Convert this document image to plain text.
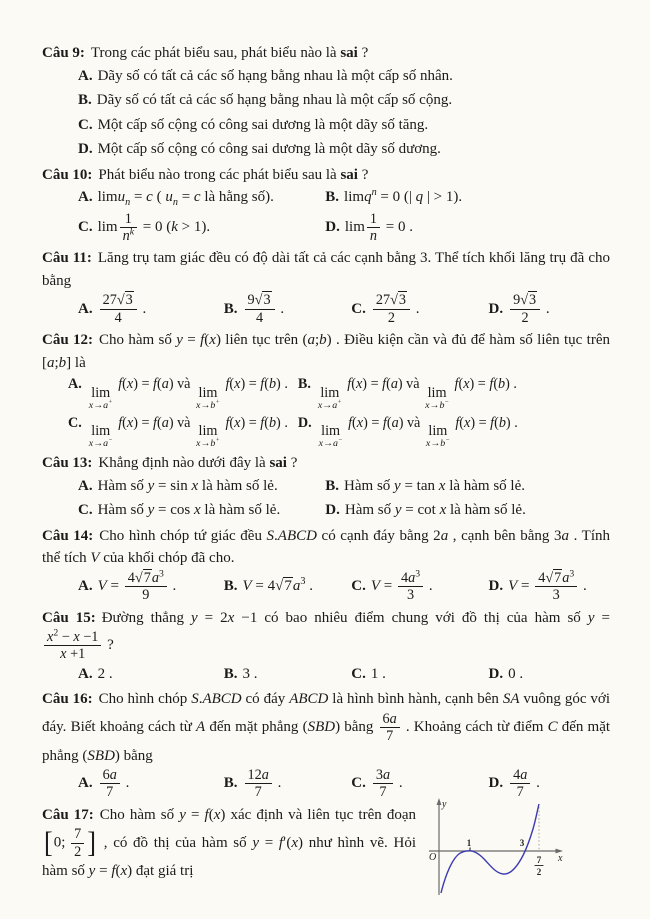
Câu 9: Trong các phát biểu sau, phát biểu nào là sai ?

A. Dãy số có tất cả các số hạng bằng nhau là một cấp số nhân.
B. Dãy số có tất cả các số hạng bằng nhau là một cấp số cộng.
C. Một cấp số cộng có công sai dương là một dãy số tăng.
D. Một cấp số cộng có công sai dương là một dãy số dương.

Câu 10: Phát biểu nào trong các phát biểu sau là sai ?

A. limu$_n$ = c ( $u_n = c$ là hằng số).	B. limq$^n$ = 0 (| q | > 1).
C. $\lim \frac{1}{n^k} = 0$ (k > 1).	D. $\lim \frac{1}{n} = 0$ .

Câu 11: Lăng trụ tam giác đều có độ dài tất cả các cạnh bằng 3. Thể tích khối lăng trụ đã cho bằng

A. $\frac{27√3}{4}$ .	B. $\frac{9√3}{4}$ .	C. $\frac{27√3}{2}$ .	D. $\frac{9√3}{2}$ .

Câu 12: Cho hàm số y = f(x) liên tục trên (a;b) . Điều kiện cần và đủ để hàm số liên tục trên [a;b] là

A.
lim
x→a+
f(x) = f(a) và
lim
x→b+
f(x) = f(b) . B.
lim
x→a+
f(x) = f(a) và
lim
x→b−
f(x) = f(b) .
C.
lim
x→a−
f(x) = f(a) và
lim
x→b+
f(x) = f(b) . D.
lim
x→a−
f(x) = f(a) và
lim
x→b−
f(x) = f(b) .

Câu 13: Khẳng định nào dưới đây là sai ?

A. Hàm số y = sin x là hàm số lẻ.	B. Hàm số y = tan x là hàm số lẻ.
C. Hàm số y = cos x là hàm số lẻ.	D. Hàm số y = cot x là hàm số lẻ.

Câu 14: Cho hình chóp tứ giác đều S.ABCD có cạnh đáy bằng 2a , cạnh bên bằng 3a . Tính thể tích V của khối chóp đã cho.

A. $V = \frac{4√7a^3}{9}$ .	B. $V = 4√7a^3$ .	C. $V = \frac{4a^3}{3}$ .	D. $V = \frac{4√7a^3}{3}$ .

Câu 15: Đường thẳng y = 2x −1 có bao nhiêu điểm chung với đồ thị của hàm số y =
$\frac{x^2 - x -1}{x +1}$ ?

A. 2 .	B. 3 .	C. 1 .	D. 0 .

Câu 16: Cho hình chóp S.ABCD có đáy ABCD là hình bình hành, cạnh bên SA vuông góc với đáy. Biết khoảng cách từ A đến mặt phẳng (SBD) bằng $\frac{6a}{7}$ . Khoảng cách từ điểm C đến mặt phẳng (SBD) bằng

A. $\frac{6a}{7}$ .	B. $\frac{12a}{7}$ .	C. $\frac{3a}{7}$ .	D. $\frac{4a}{7}$ .
y
x
O
1	3
7
2

Câu 17: Cho hàm số y = f(x) xác định và liên tục trên đoạn
[ 0; $\frac{7}{2}$ ] , có đồ thị của hàm số y = f′(x) như hình vẽ. Hỏi hàm số y = f(x) đạt giá trị
